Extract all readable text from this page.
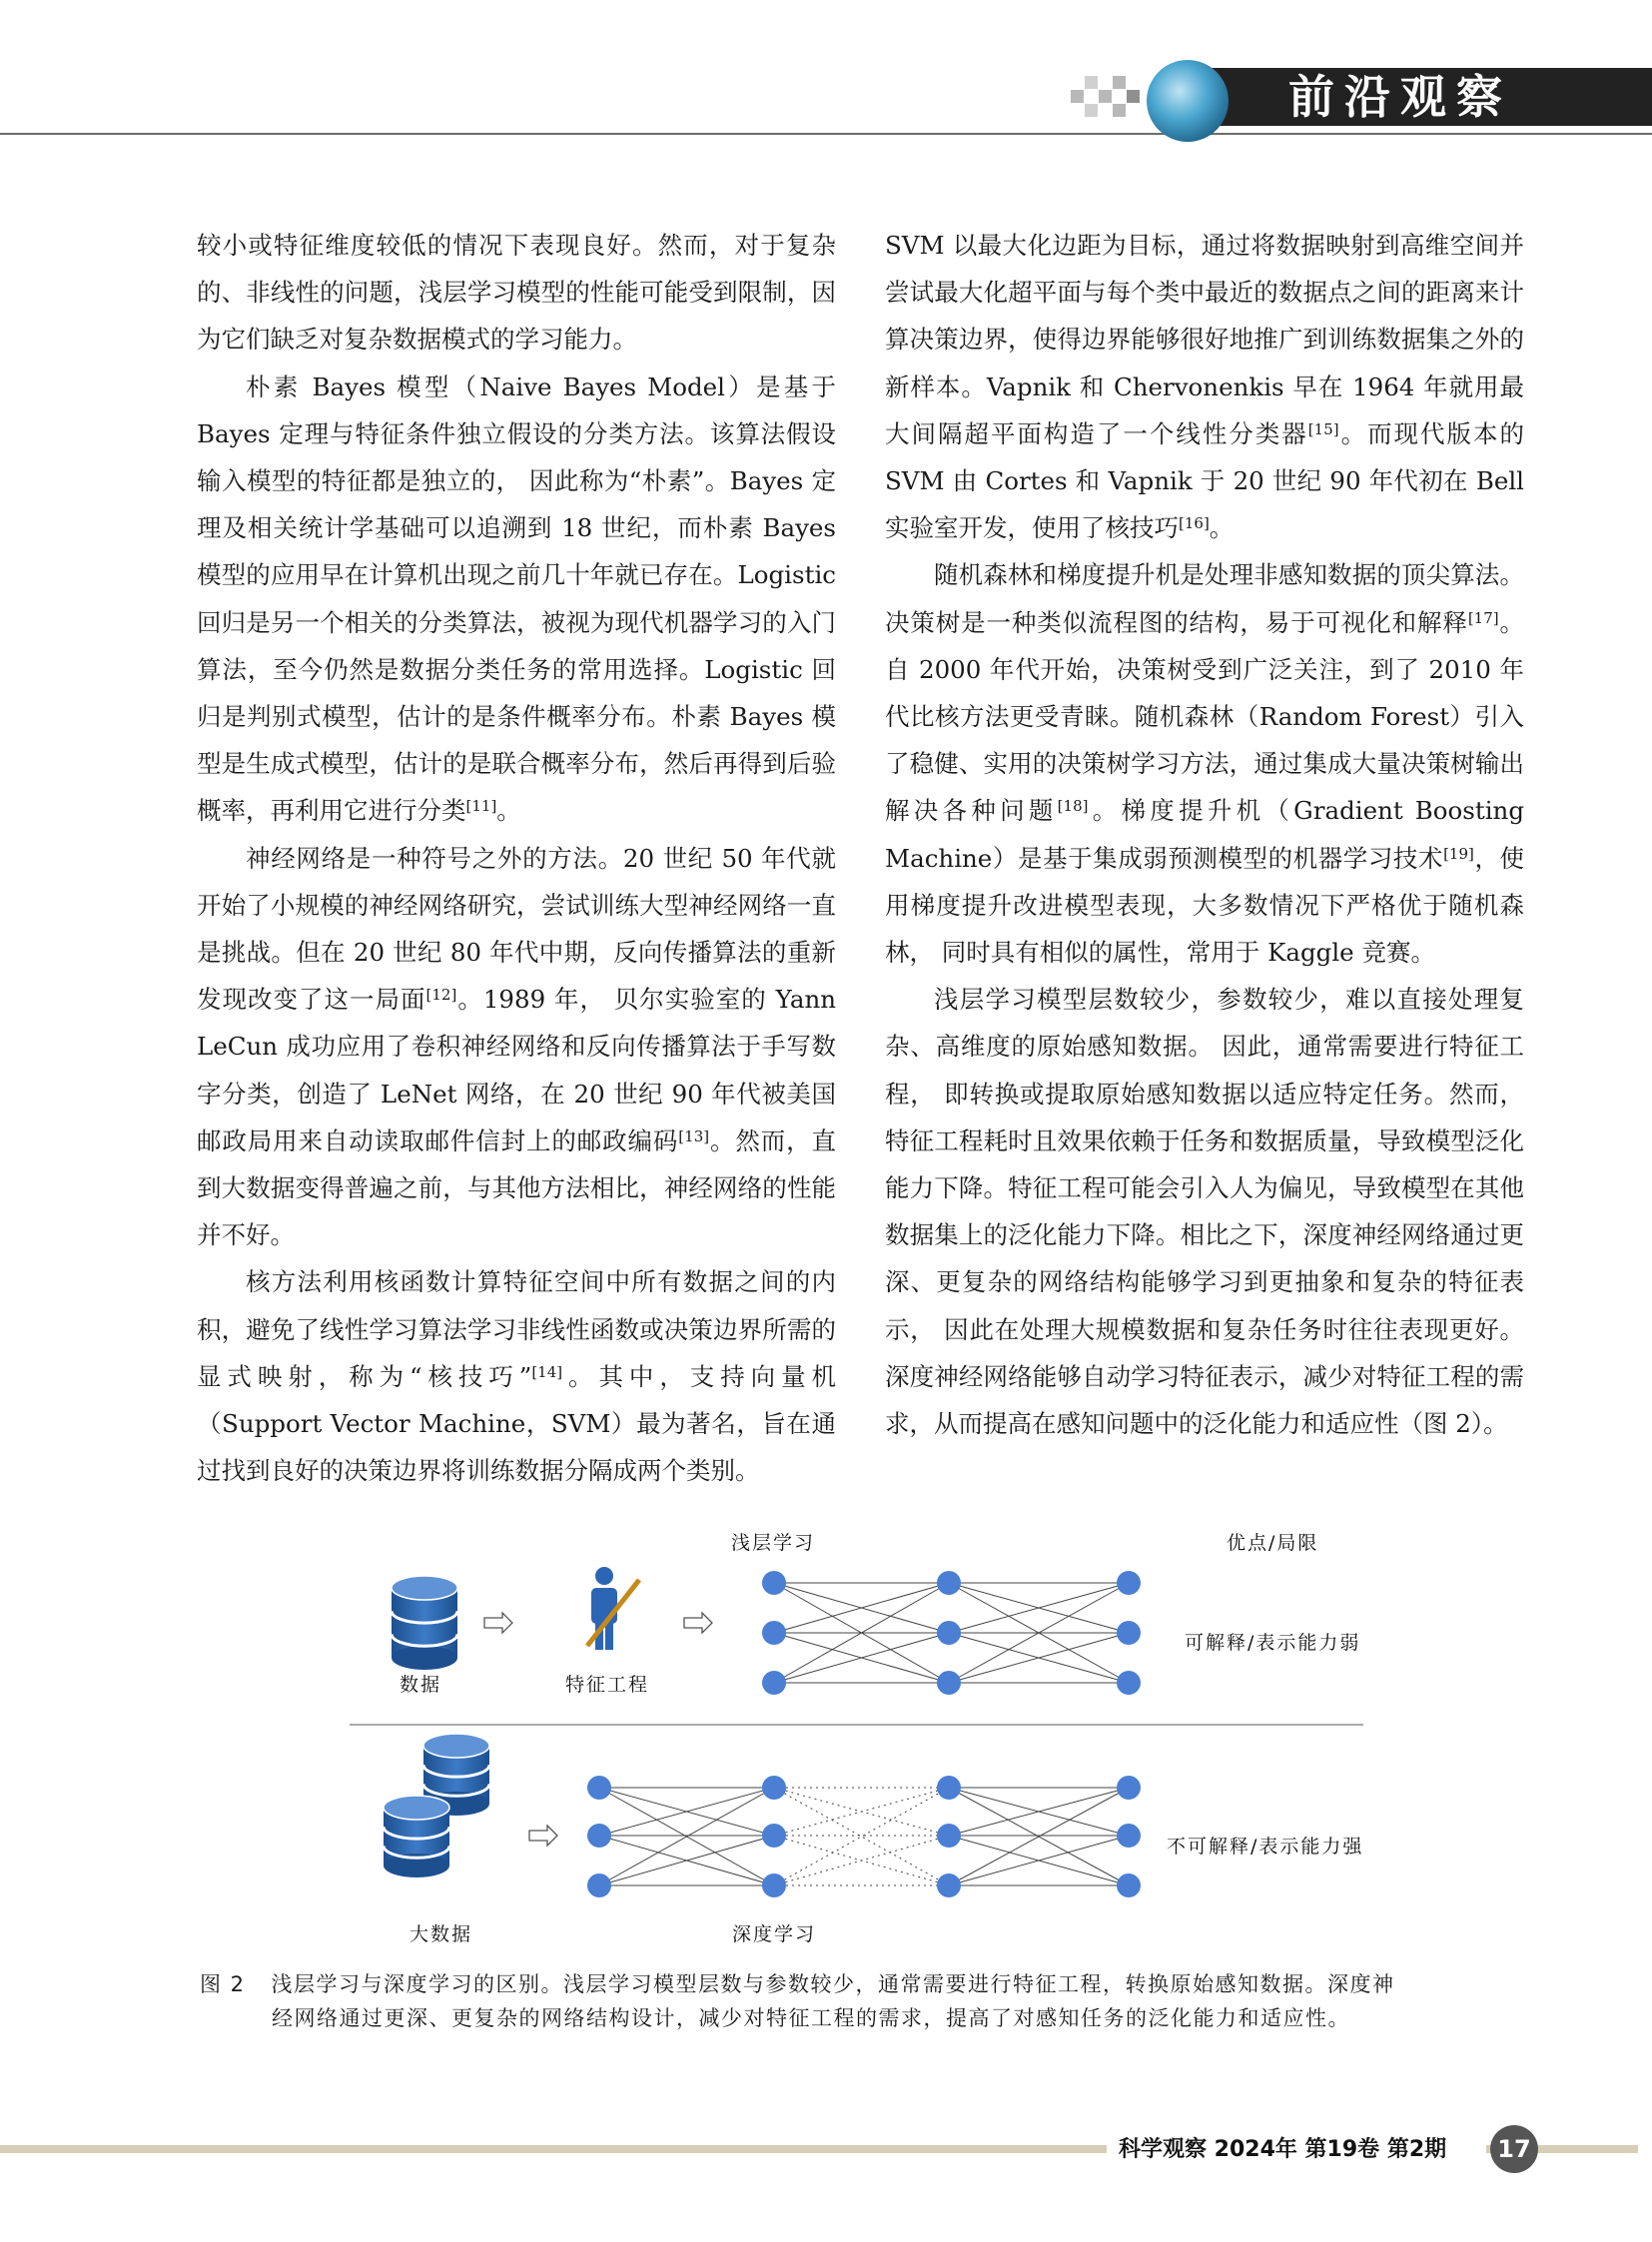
前沿观察

较小或特征维度较低的情况下表现良好。然而，对于复杂的、非线性的问题，浅层学习模型的性能可能受到限制，因为它们缺乏对复杂数据模式的学习能力。

朴素 Bayes 模型（Naive Bayes Model）是基于 Bayes 定理与特征条件独立假设的分类方法。该算法假设输入模型的特征都是独立的， 因此称为“朴素”。Bayes 定理及相关统计学基础可以追溯到 18 世纪，而朴素 Bayes 模型的应用早在计算机出现之前几十年就已存在。Logistic 回归是另一个相关的分类算法，被视为现代机器学习的入门算法，至今仍然是数据分类任务的常用选择。Logistic 回归是判别式模型，估计的是条件概率分布。朴素 Bayes 模型是生成式模型，估计的是联合概率分布，然后再得到后验概率，再利用它进行分类[11]。

神经网络是一种符号之外的方法。20 世纪 50 年代就开始了小规模的神经网络研究，尝试训练大型神经网络一直是挑战。但在 20 世纪 80 年代中期，反向传播算法的重新发现改变了这一局面[12]。1989 年， 贝尔实验室的 Yann LeCun 成功应用了卷积神经网络和反向传播算法于手写数字分类，创造了 LeNet 网络，在 20 世纪 90 年代被美国邮政局用来自动读取邮件信封上的邮政编码[13]。然而，直到大数据变得普遍之前，与其他方法相比，神经网络的性能并不好。

核方法利用核函数计算特征空间中所有数据之间的内积，避免了线性学习算法学习非线性函数或决策边界所需的显式映射，称为“核技巧”[14]。其中，支持向量机（Support Vector Machine，SVM）最为著名，旨在通过找到良好的决策边界将训练数据分隔成两个类别。

SVM 以最大化边距为目标，通过将数据映射到高维空间并尝试最大化超平面与每个类中最近的数据点之间的距离来计算决策边界，使得边界能够很好地推广到训练数据集之外的新样本。Vapnik 和 Chervonenkis 早在 1964 年就用最大间隔超平面构造了一个线性分类器[15]。而现代版本的 SVM 由 Cortes 和 Vapnik 于 20 世纪 90 年代初在 Bell 实验室开发，使用了核技巧[16]。

随机森林和梯度提升机是处理非感知数据的顶尖算法。决策树是一种类似流程图的结构，易于可视化和解释[17]。 自 2000 年代开始，决策树受到广泛关注，到了 2010 年代比核方法更受青睐。随机森林（Random Forest）引入了稳健、实用的决策树学习方法，通过集成大量决策树输出解决各种问题[18]。梯度提升机（Gradient Boosting Machine）是基于集成弱预测模型的机器学习技术[19]，使用梯度提升改进模型表现，大多数情况下严格优于随机森林， 同时具有相似的属性，常用于 Kaggle 竞赛。

浅层学习模型层数较少，参数较少，难以直接处理复杂、高维度的原始感知数据。 因此，通常需要进行特征工程， 即转换或提取原始感知数据以适应特定任务。然而，特征工程耗时且效果依赖于任务和数据质量，导致模型泛化能力下降。特征工程可能会引入人为偏见，导致模型在其他数据集上的泛化能力下降。相比之下，深度神经网络通过更深、更复杂的网络结构能够学习到更抽象和复杂的特征表示， 因此在处理大规模数据和复杂任务时往往表现更好。深度神经网络能够自动学习特征表示，减少对特征工程的需求，从而提高在感知问题中的泛化能力和适应性（图 2）。

浅层学习	优点/局限
数据	特征工程
可解释/表示能力弱
大数据	深度学习
不可解释/表示能力强
图 2 浅层学习与深度学习的区别。浅层学习模型层数与参数较少，通常需要进行特征工程，转换原始感知数据。深度神
经网络通过更深、更复杂的网络结构设计，减少对特征工程的需求，提高了对感知任务的泛化能力和适应性。
科学观察 2024年 第19卷 第2期	17
